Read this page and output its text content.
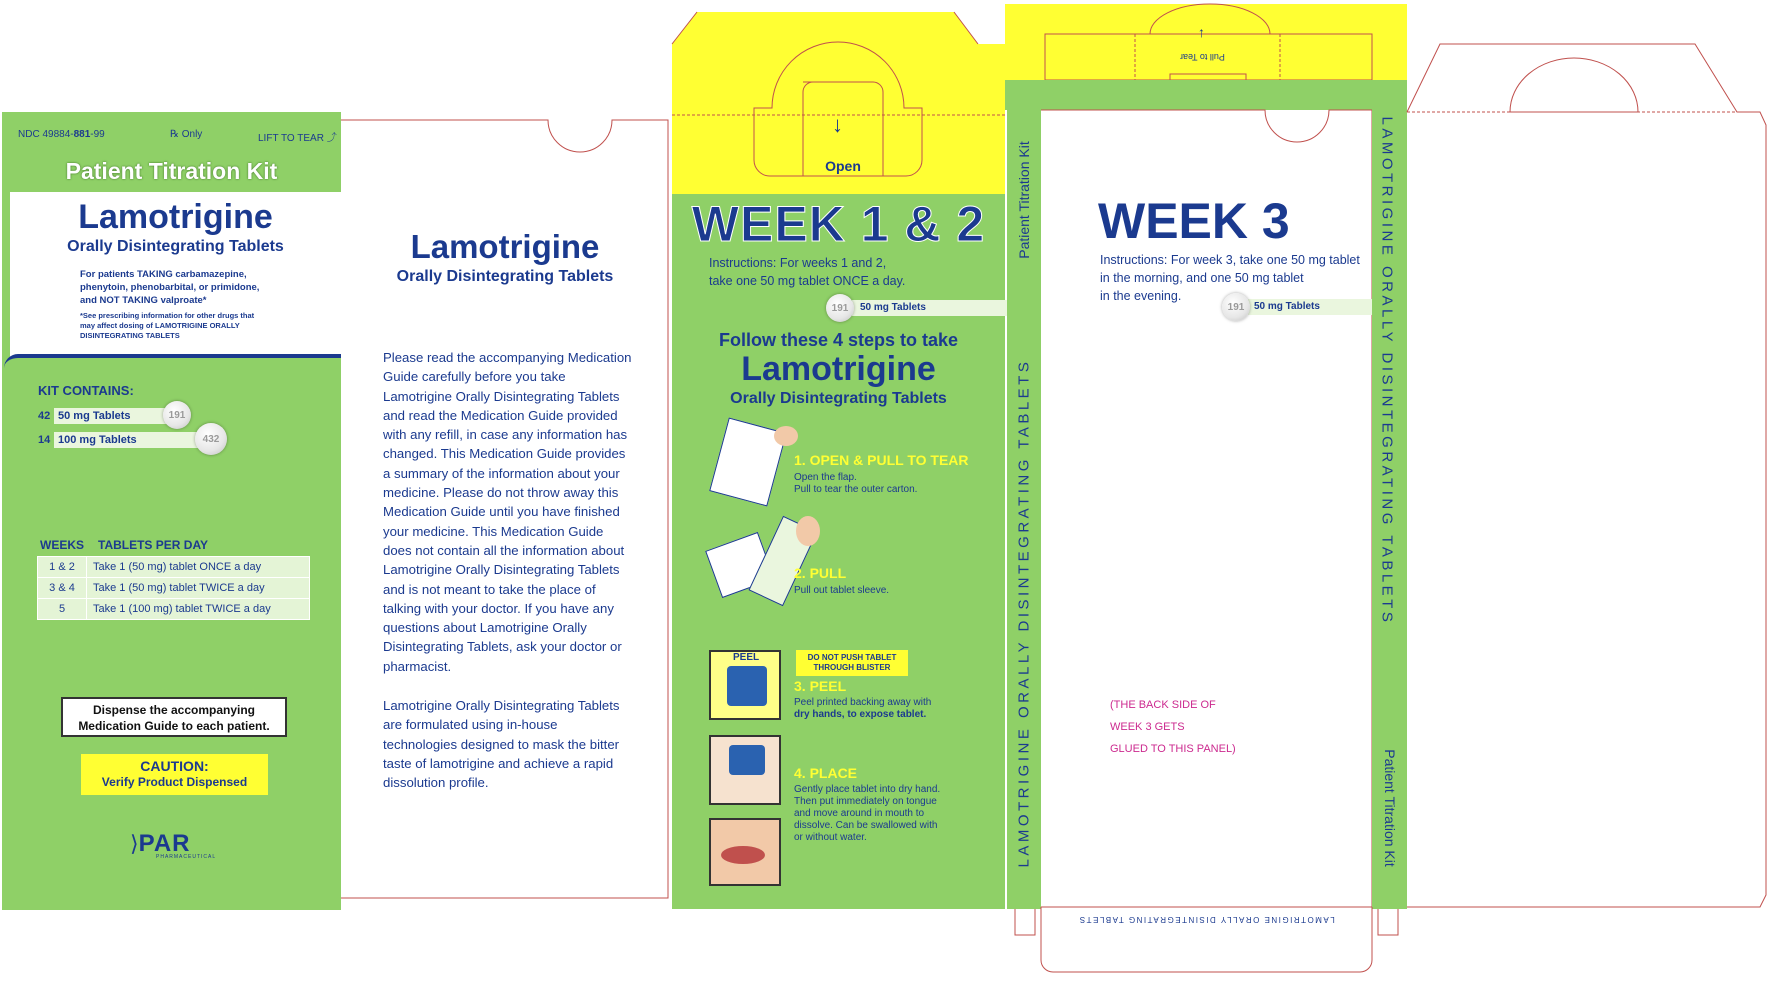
NDC 49884-881-99	℞ Only	LIFT TO TEAR ⤴
Patient Titration Kit
Lamotrigine
Orally Disintegrating Tablets
For patients TAKING carbamazepine,
phenytoin, phenobarbital, or primidone,
and NOT TAKING valproate*
*See prescribing information for other drugs that
may affect dosing of LAMOTRIGINE ORALLY
DISINTEGRATING TABLETS
KIT CONTAINS:
42 50 mg Tablets	191
14 100 mg Tablets	432
WEEKS TABLETS PER DAY
1 & 2	Take 1 (50 mg) tablet ONCE a day
3 & 4	Take 1 (50 mg) tablet TWICE a day
5	Take 1 (100 mg) tablet TWICE a day
Dispense the accompanying
Medication Guide to each patient.
CAUTION:
Verify Product Dispensed
⟩PAR
PHARMACEUTICAL
Lamotrigine
Orally Disintegrating Tablets
Please read the accompanying Medication Guide carefully before you take Lamotrigine Orally Disintegrating Tablets and read the Medication Guide provided with any refill, in case any information has changed. This Medication Guide provides a summary of the information about your medicine. Please do not throw away this Medication Guide until you have finished your medicine. This Medication Guide does not contain all the information about Lamotrigine Orally Disintegrating Tablets and is not meant to take the place of talking with your doctor. If you have any questions about Lamotrigine Orally Disintegrating Tablets, ask your doctor or pharmacist.
Lamotrigine Orally Disintegrating Tablets are formulated using in-house technologies designed to mask the bitter taste of lamotrigine and achieve a rapid dissolution profile.
Open
↓
WEEK 1 & 2
Instructions: For weeks 1 and 2,
take one 50 mg tablet ONCE a day.
50 mg Tablets
191
Follow these 4 steps to take
Lamotrigine
Orally Disintegrating Tablets
1. OPEN & PULL TO TEAR
Open the flap.
Pull to tear the outer carton.
2. PULL
Pull out tablet sleeve.
PEEL	DO NOT PUSH TABLET
THROUGH BLISTER
3. PEEL
Peel printed backing away with
dry hands, to expose tablet.
4. PLACE
Gently place tablet into dry hand.
Then put immediately on tongue
and move around in mouth to
dissolve. Can be swallowed with
or without water.
Patient Titration Kit
LAMOTRIGINE ORALLY DISINTEGRATING TABLETS
↑
Pull to Tear
WEEK 3
Instructions: For week 3, take one 50 mg tablet
in the morning, and one 50 mg tablet
in the evening.
50 mg Tablets
191
(THE BACK SIDE OF
WEEK 3 GETS
GLUED TO THIS PANEL)
LAMOTRIGINE ORALLY DISINTEGRATING TABLETS
LAMOTRIGINE ORALLY DISINTEGRATING TABLETS
Patient Titration Kit
